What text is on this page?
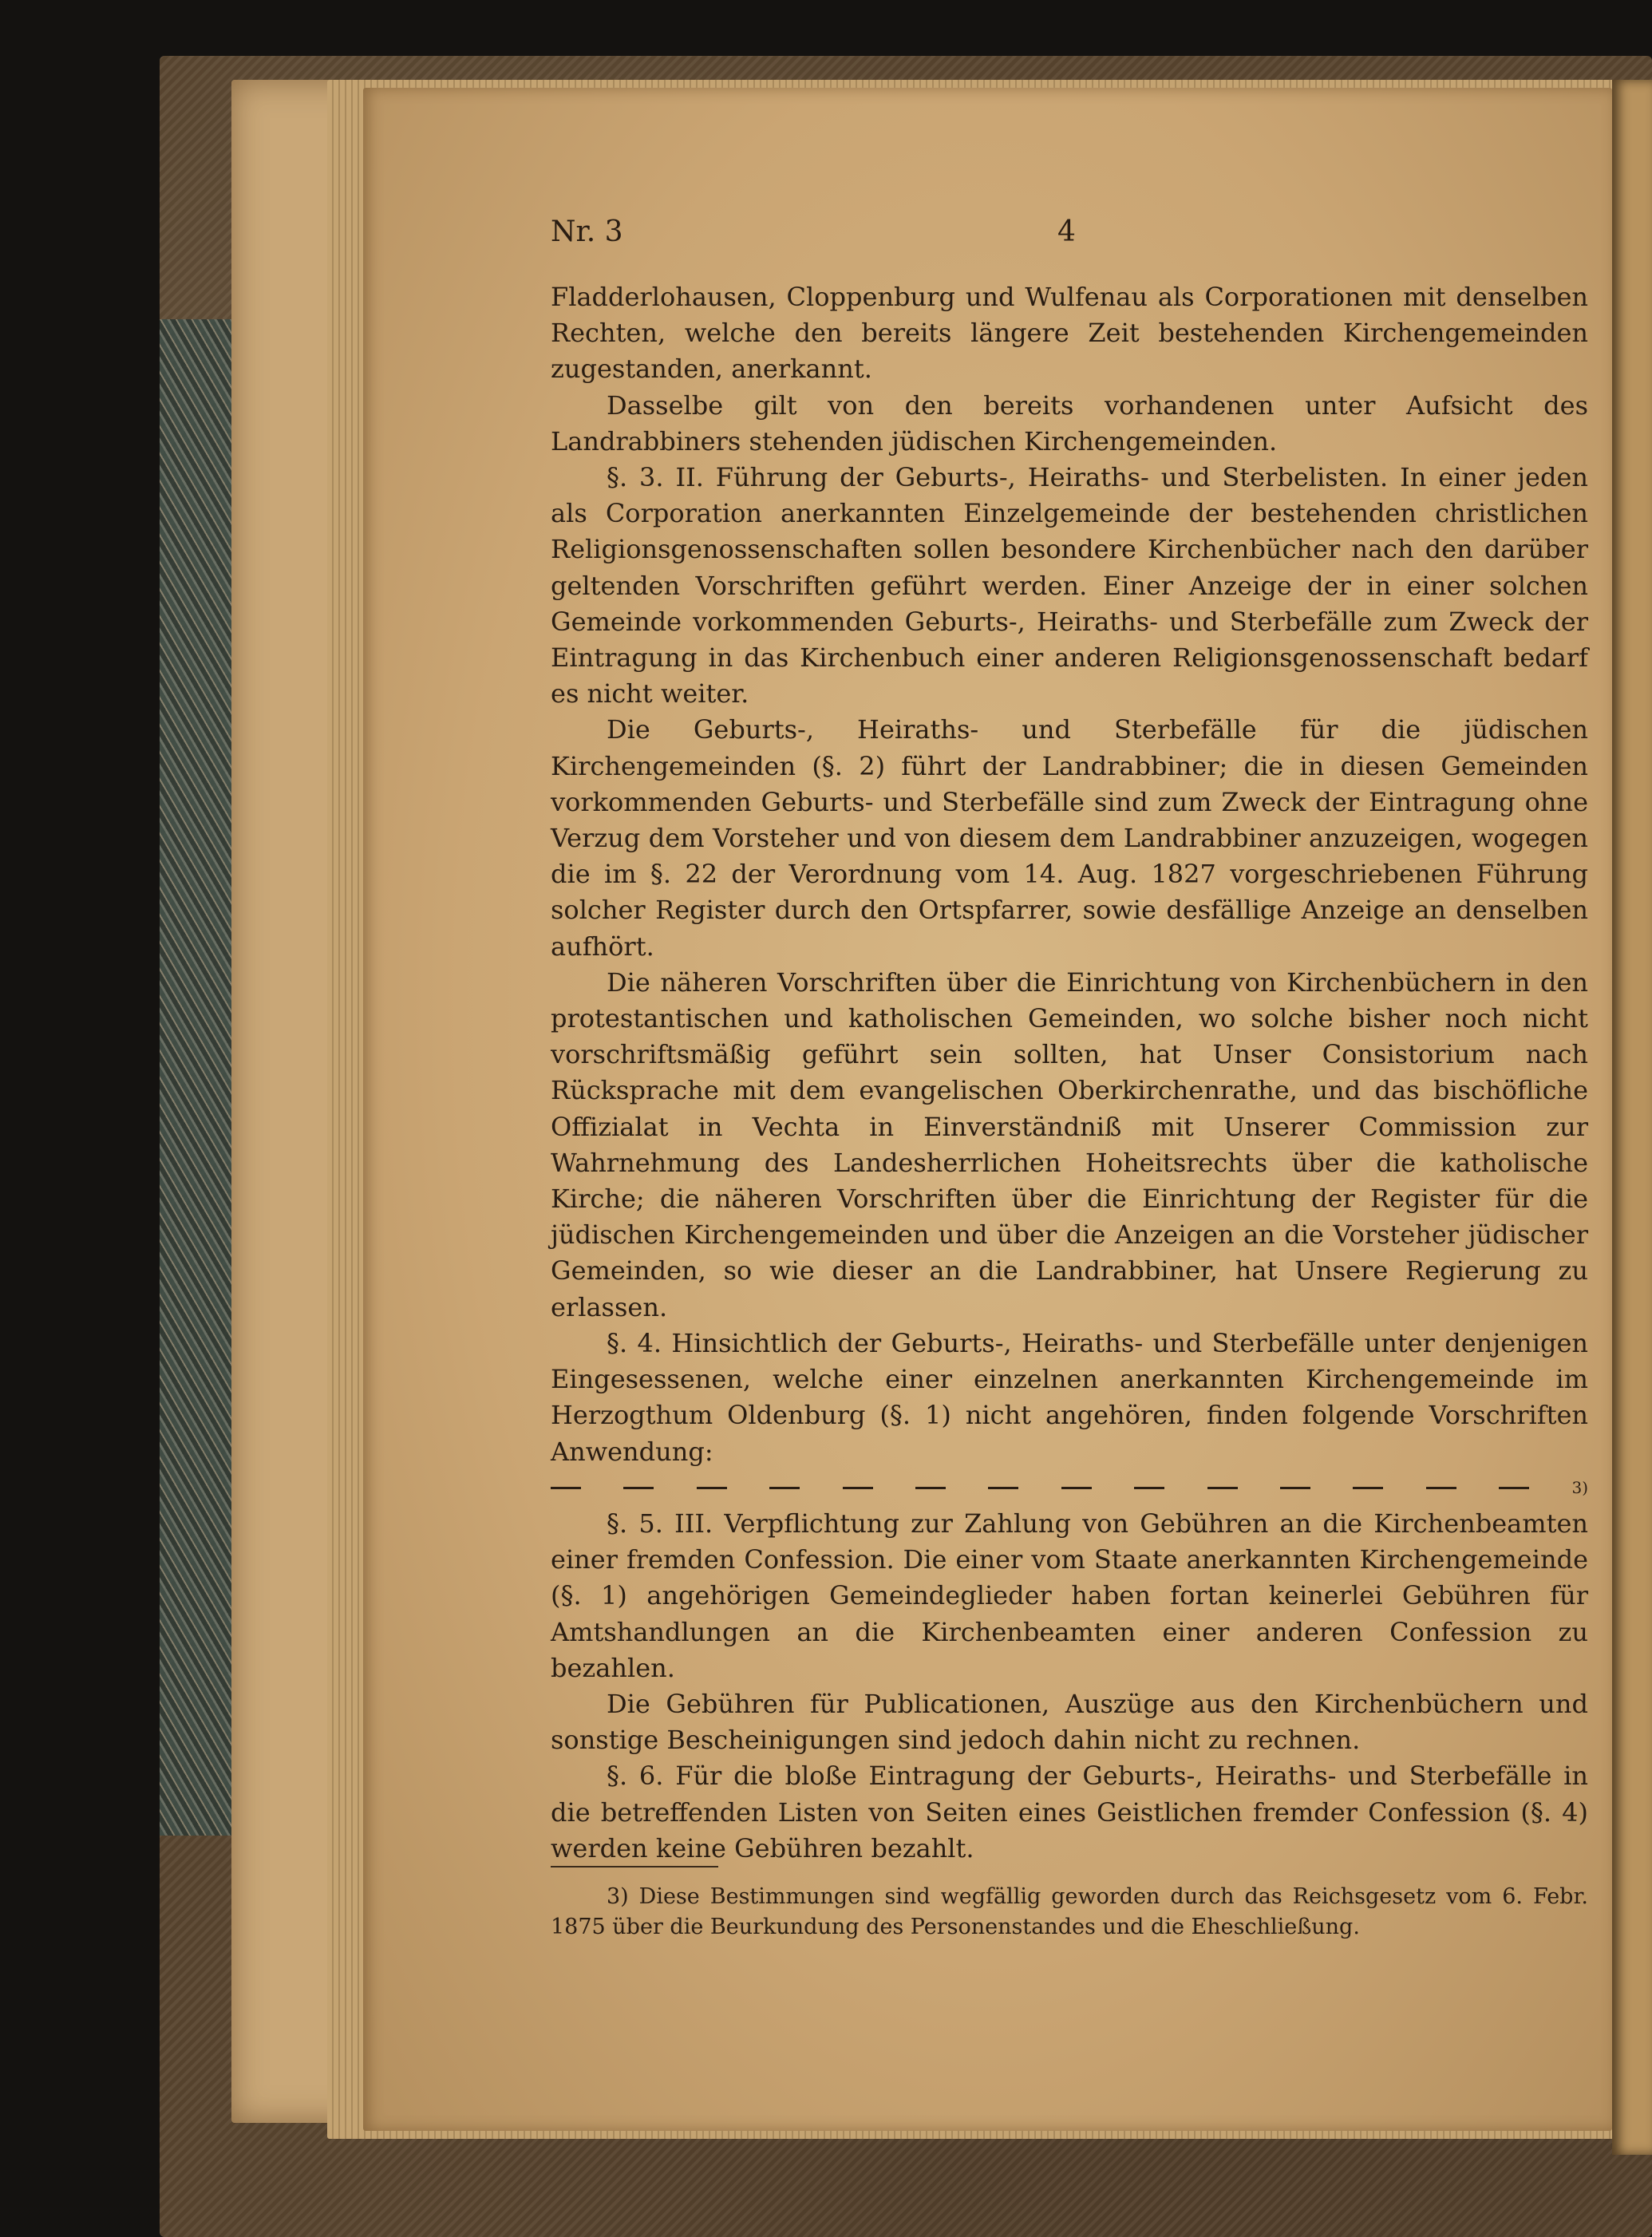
Nr. 3	4

Fladderlohausen, Cloppenburg und Wulfenau als Corporationen mit denselben Rechten, welche den bereits längere Zeit bestehenden Kirchengemeinden zugestanden, anerkannt.

Dasselbe gilt von den bereits vorhandenen unter Aufsicht des Landrabbiners stehenden jüdischen Kirchengemeinden.

§. 3. II. Führung der Geburts-, Heiraths- und Sterbelisten. In einer jeden als Corporation anerkannten Einzelgemeinde der bestehenden christlichen Religionsgenossenschaften sollen besondere Kirchenbücher nach den darüber geltenden Vorschriften geführt werden. Einer Anzeige der in einer solchen Gemeinde vorkommenden Geburts-, Heiraths- und Sterbefälle zum Zweck der Eintragung in das Kirchenbuch einer anderen Religionsgenossenschaft bedarf es nicht weiter.

Die Geburts-, Heiraths- und Sterbefälle für die jüdischen Kirchengemeinden (§. 2) führt der Landrabbiner; die in diesen Gemeinden vorkommenden Geburts- und Sterbefälle sind zum Zweck der Eintragung ohne Verzug dem Vorsteher und von diesem dem Landrabbiner anzuzeigen, wogegen die im §. 22 der Verordnung vom 14. Aug. 1827 vorgeschriebenen Führung solcher Register durch den Ortspfarrer, sowie desfällige Anzeige an denselben aufhört.

Die näheren Vorschriften über die Einrichtung von Kirchenbüchern in den protestantischen und katholischen Gemeinden, wo solche bisher noch nicht vorschriftsmäßig geführt sein sollten, hat Unser Consistorium nach Rücksprache mit dem evangelischen Oberkirchenrathe, und das bischöfliche Offizialat in Vechta in Einverständniß mit Unserer Commission zur Wahrnehmung des Landesherrlichen Hoheitsrechts über die katholische Kirche; die näheren Vorschriften über die Einrichtung der Register für die jüdischen Kirchengemeinden und über die Anzeigen an die Vorsteher jüdischer Gemeinden, so wie dieser an die Landrabbiner, hat Unsere Regierung zu erlassen.

§. 4. Hinsichtlich der Geburts-, Heiraths- und Sterbefälle unter denjenigen Eingesessenen, welche einer einzelnen anerkannten Kirchengemeinde im Herzogthum Oldenburg (§. 1) nicht angehören, finden folgende Vorschriften Anwendung:

3)

§. 5. III. Verpflichtung zur Zahlung von Gebühren an die Kirchenbeamten einer fremden Confession. Die einer vom Staate anerkannten Kirchengemeinde (§. 1) angehörigen Gemeindeglieder haben fortan keinerlei Gebühren für Amtshandlungen an die Kirchenbeamten einer anderen Confession zu bezahlen.

Die Gebühren für Publicationen, Auszüge aus den Kirchenbüchern und sonstige Bescheinigungen sind jedoch dahin nicht zu rechnen.

§. 6. Für die bloße Eintragung der Geburts-, Heiraths- und Sterbefälle in die betreffenden Listen von Seiten eines Geistlichen fremder Confession (§. 4) werden keine Gebühren bezahlt.

3) Diese Bestimmungen sind wegfällig geworden durch das Reichsgesetz vom 6. Febr. 1875 über die Beurkundung des Personenstandes und die Eheschließung.
